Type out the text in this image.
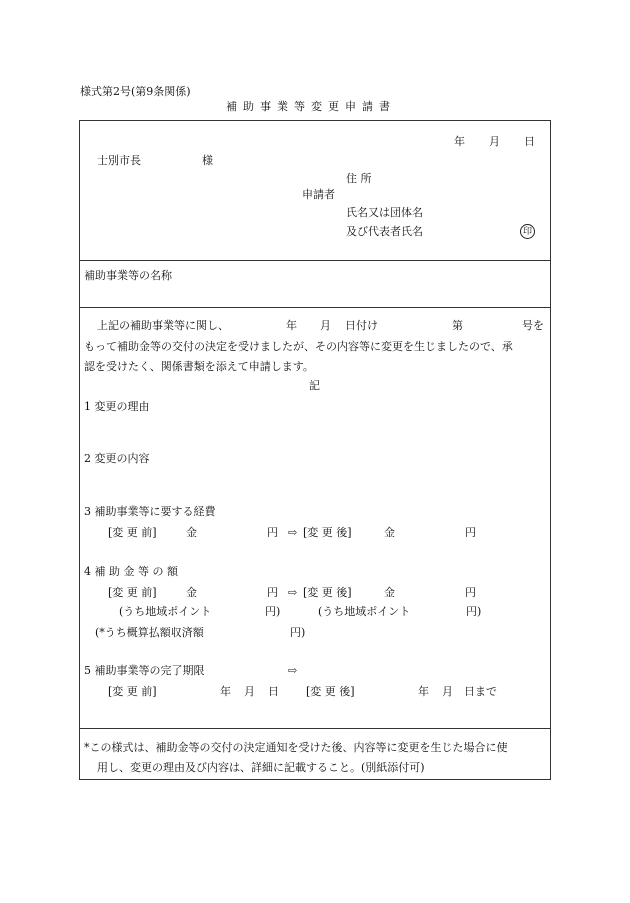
様式第2号(第9条関係)
補助事業等変更申請書
年 月 日
士別市長	様
住 所
申請者
氏名又は団体名
及び代表者氏名	印
補助事業等の名称
上記の補助事業等に関し、	年 月 日付け	第	号を
もって補助金等の交付の決定を受けましたが、その内容等に変更を生じましたので、承
認を受けたく、関係書類を添えて申請します。
記
1 変更の理由
2 変更の内容
3 補助事業等に要する経費
[変 更 前]	金	円 ⇨ [変 更 後]	金	円
4 補 助 金 等 の 額
[変 更 前]	金	円 ⇨ [変 更 後]	金	円
(うち地域ポイント	円)	(うち地域ポイント	円)
(*うち概算払額収済額	円)
5 補助事業等の完了期限	⇨
[変 更 前]	年 月 日 [変 更 後]	年 月 日まで
*この様式は、補助金等の交付の決定通知を受けた後、内容等に変更を生じた場合に使
用し、変更の理由及び内容は、詳細に記載すること。(別紙添付可)
